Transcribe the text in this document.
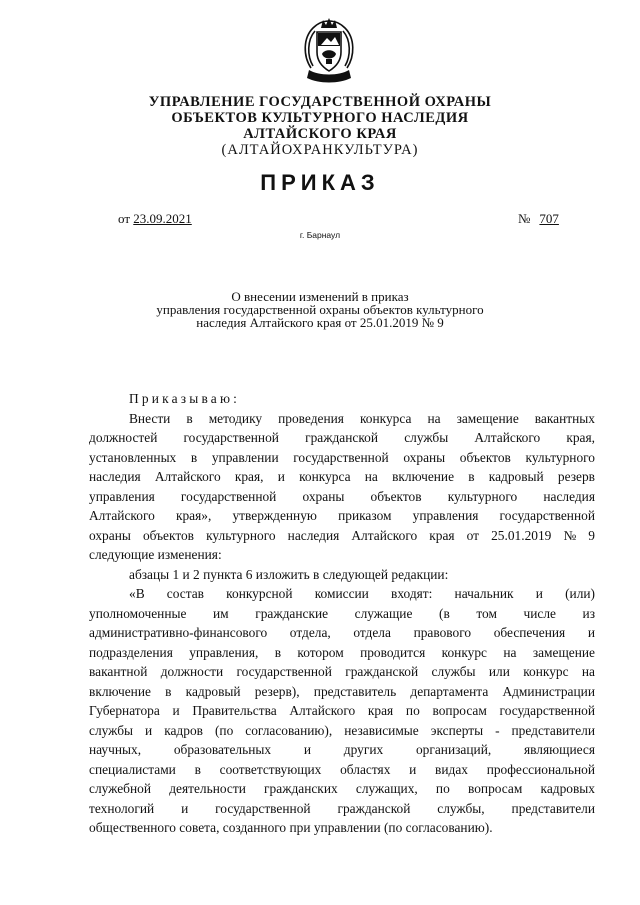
УПРАВЛЕНИЕ ГОСУДАРСТВЕННОЙ ОХРАНЫ
ОБЪЕКТОВ КУЛЬТУРНОГО НАСЛЕДИЯ
АЛТАЙСКОГО КРАЯ
(АЛТАЙОХРАНКУЛЬТУРА)
ПРИКАЗ
от 23.09.2021	№ 707
г. Барнаул
О внесении изменений в приказ
управления государственной охраны объектов культурного
наследия Алтайского края от 25.01.2019 № 9

Приказываю:

Внести в методику проведения конкурса на замещение вакантных
должностей государственной гражданской службы Алтайского края,
установленных в управлении государственной охраны объектов культурного
наследия Алтайского края, и конкурса на включение в кадровый резерв
управления государственной охраны объектов культурного наследия
Алтайского края», утвержденную приказом управления государственной
охраны объектов культурного наследия Алтайского края от 25.01.2019 № 9
следующие изменения:

абзацы 1 и 2 пункта 6 изложить в следующей редакции:

«В состав конкурсной комиссии входят: начальник и (или)
уполномоченные им гражданские служащие (в том числе из
административно-финансового отдела, отдела правового обеспечения и
подразделения управления, в котором проводится конкурс на замещение
вакантной должности государственной гражданской службы или конкурс на
включение в кадровый резерв), представитель департамента Администрации
Губернатора и Правительства Алтайского края по вопросам государственной
службы и кадров (по согласованию), независимые эксперты - представители
научных, образовательных и других организаций, являющиеся
специалистами в соответствующих областях и видах профессиональной
служебной деятельности гражданских служащих, по вопросам кадровых
технологий и государственной гражданской службы, представители
общественного совета, созданного при управлении (по согласованию).
